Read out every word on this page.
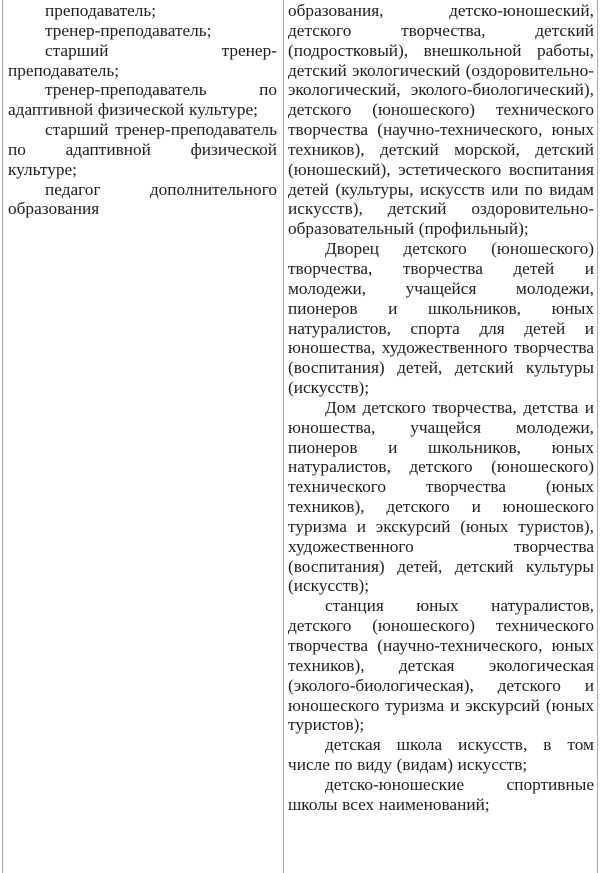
преподаватель;

тренер-преподаватель;

старший тренер-преподаватель;

тренер-преподаватель по адаптивной физической культуре;

старший тренер-преподаватель по адаптивной физической культуре;

педагог дополнительного образования

образования, детско-юношеский, детского творчества, детский (подростковый), внешкольной работы, детский экологический (оздоровительно-экологический, эколого-биологический), детского (юношеского) технического творчества (научно-технического, юных техников), детский морской, детский (юношеский), эстетического воспитания детей (культуры, искусств или по видам искусств), детский оздоровительно-образовательный (профильный);

Дворец детского (юношеского) творчества, творчества детей и молодежи, учащейся молодежи, пионеров и школьников, юных натуралистов, спорта для детей и юношества, художественного творчества (воспитания) детей, детский культуры (искусств);

Дом детского творчества, детства и юношества, учащейся молодежи, пионеров и школьников, юных натуралистов, детского (юношеского) технического творчества (юных техников), детского и юношеского туризма и экскурсий (юных туристов), художественного творчества (воспитания) детей, детский культуры (искусств);

станция юных натуралистов, детского (юношеского) технического творчества (научно-технического, юных техников), детская экологическая (эколого-биологическая), детского и юношеского туризма и экскурсий (юных туристов);

детская школа искусств, в том числе по виду (видам) искусств;

детско-юношеские спортивные школы всех наименований;
